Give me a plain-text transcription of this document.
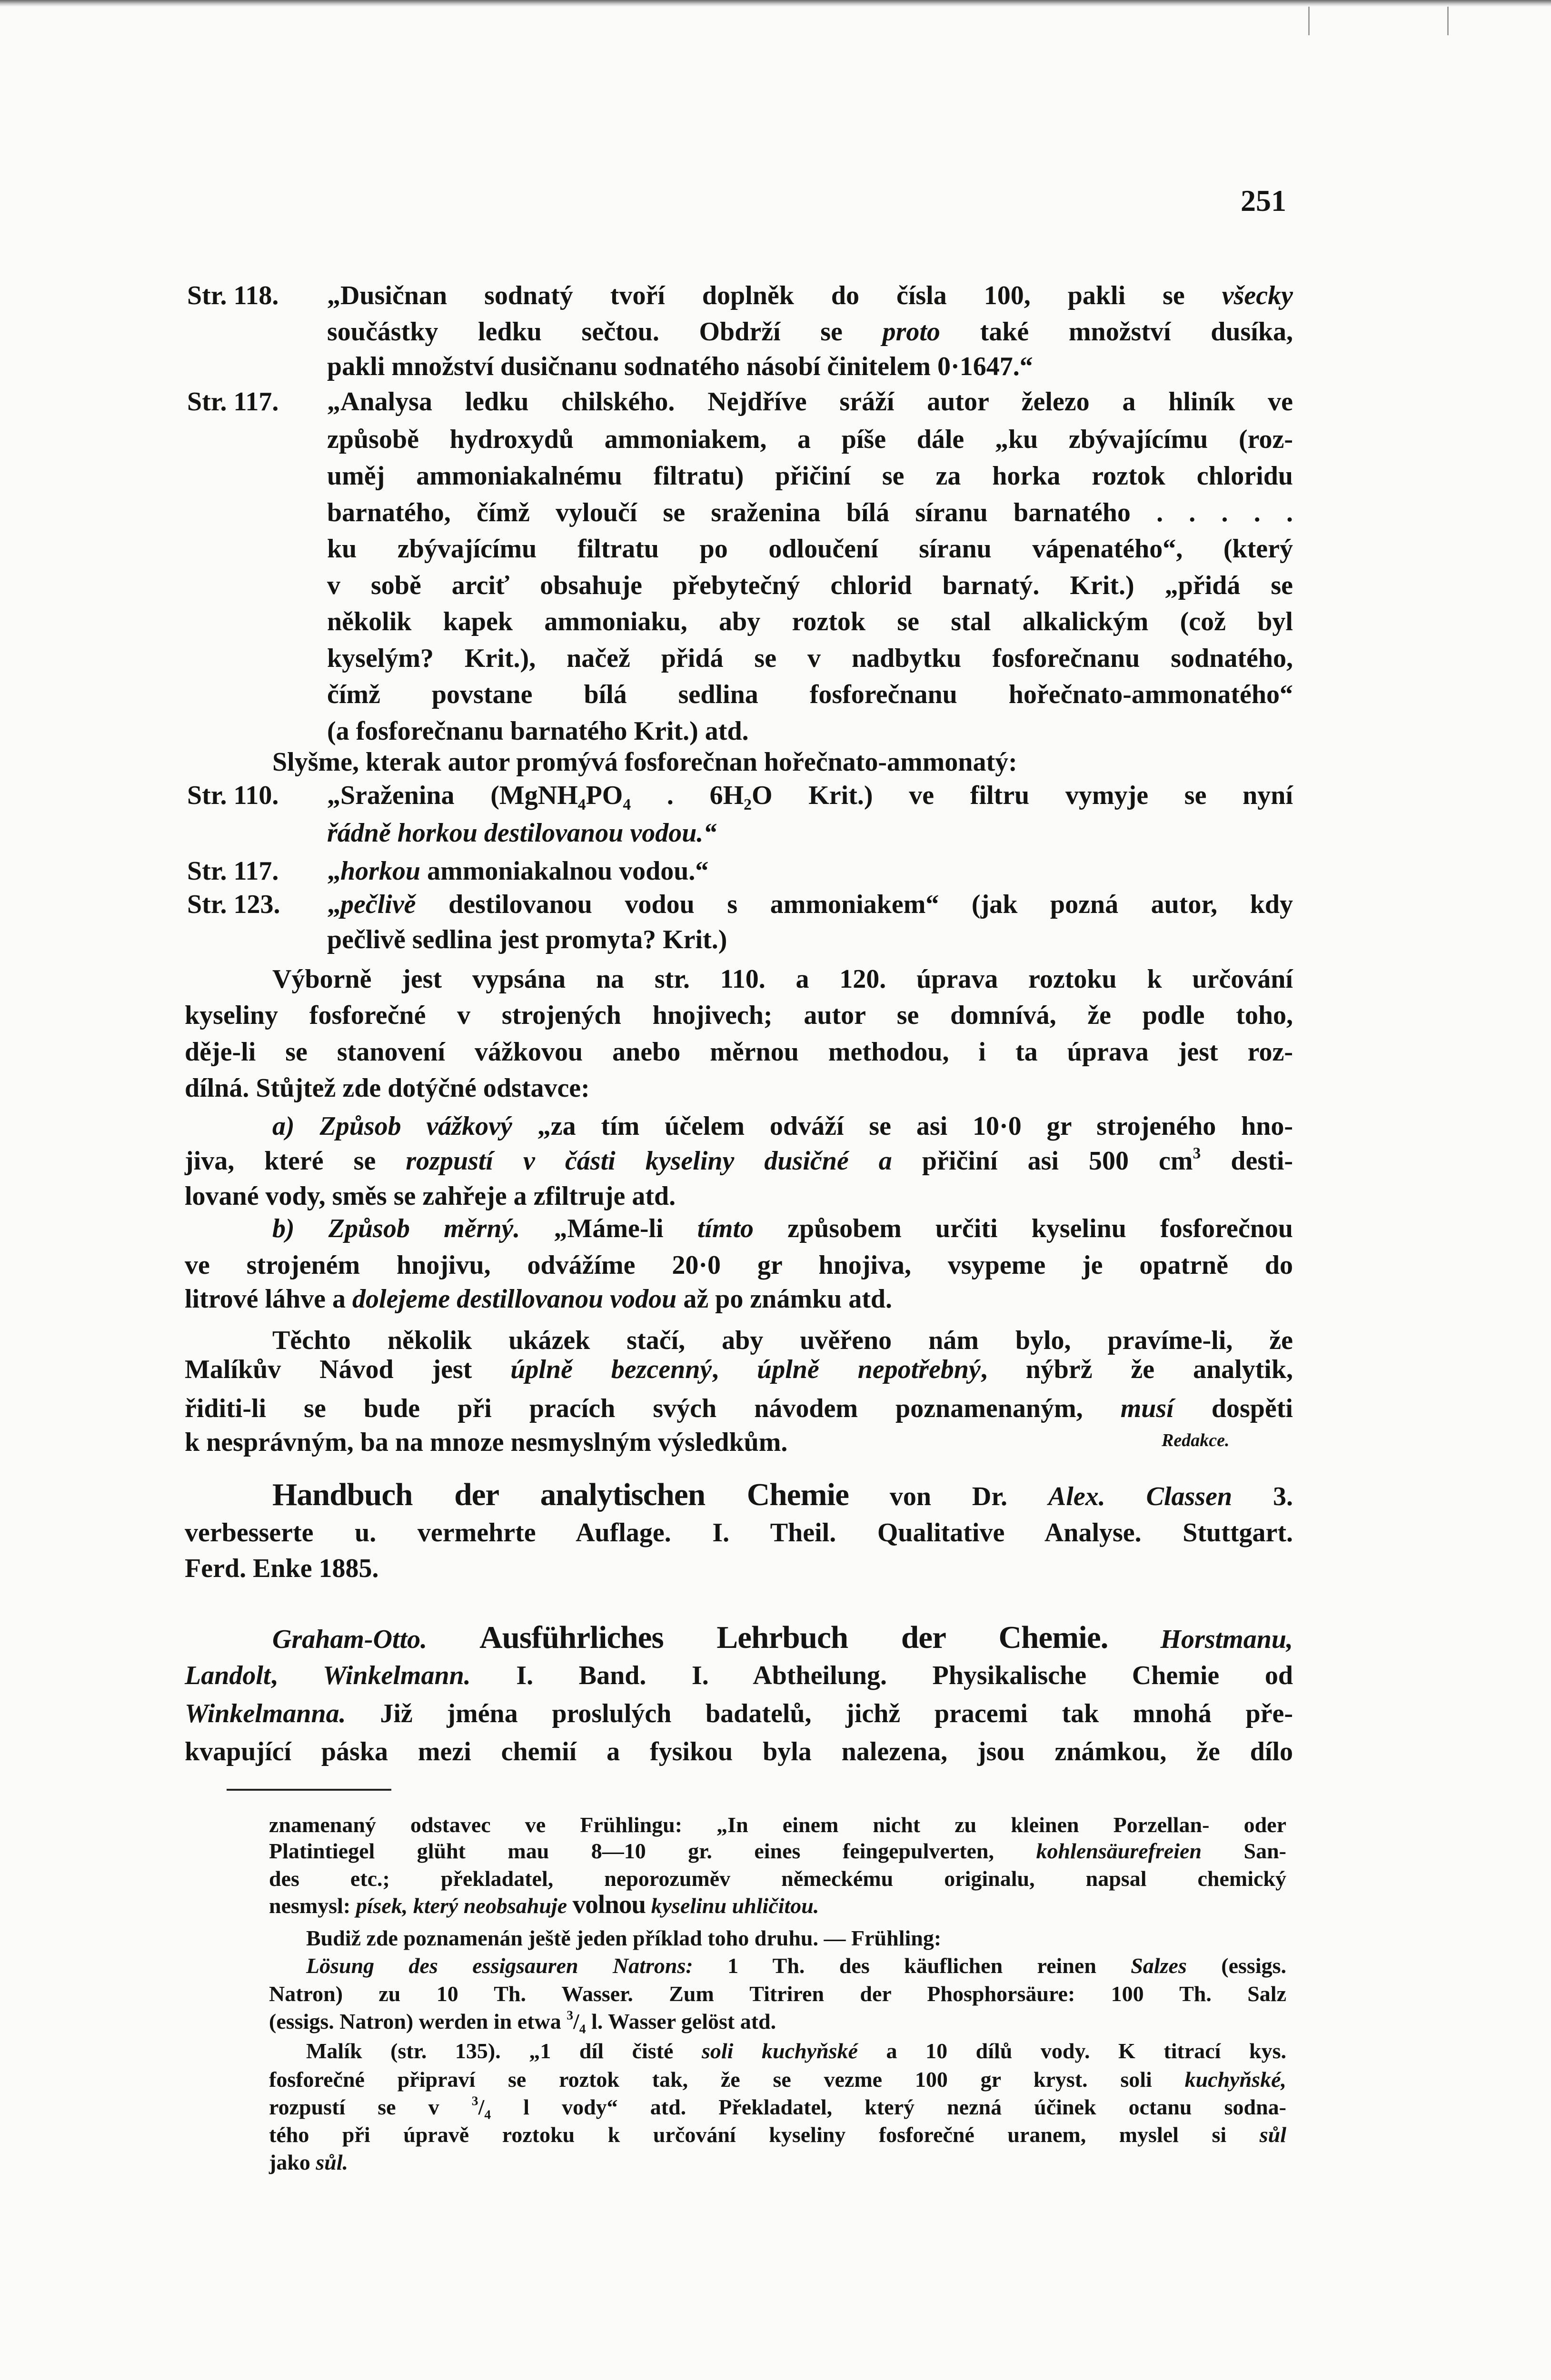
251
„Dusičnan sodnatý tvoří doplněk do čísla 100, pakli se všecky
Str. 118.
součástky ledku sečtou. Obdrží se proto také množství dusíka,
pakli množství dusičnanu sodnatého násobí činitelem 0·1647.“
„Analysa ledku chilského. Nejdříve sráží autor železo a hliník ve
Str. 117.
způsobě hydroxydů ammoniakem, a píše dále „ku zbývajícímu (roz-
uměj ammoniakalnému filtratu) přičiní se za horka roztok chloridu
barnatého, čímž vyloučí se sraženina bílá síranu barnatého . . . . .
ku zbývajícímu filtratu po odloučení síranu vápenatého“, (který
v sobě arciť obsahuje přebytečný chlorid barnatý. Krit.) „přidá se
několik kapek ammoniaku, aby roztok se stal alkalickým (což byl
kyselým? Krit.), načež přidá se v nadbytku fosforečnanu sodnatého,
čímž povstane bílá sedlina fosforečnanu hořečnato-ammonatého“
(a fosforečnanu barnatého Krit.) atd.
Slyšme, kterak autor promývá fosforečnan hořečnato-ammonatý:
„Sraženina ($MgNH_4PO_4$ . $6H_2O$ Krit.) ve filtru vymyje se nyní
Str. 110.
řádně horkou destilovanou vodou.“
„horkou ammoniakalnou vodou.“
Str. 117.
„pečlivě destilovanou vodou s ammoniakem“ (jak pozná autor, kdy
Str. 123.
pečlivě sedlina jest promyta? Krit.)
Výborně jest vypsána na str. 110. a 120. úprava roztoku k určování
kyseliny fosforečné v strojených hnojivech; autor se domnívá, že podle toho,
děje-li se stanovení vážkovou anebo měrnou methodou, i ta úprava jest roz-
dílná. Stůjtež zde dotýčné odstavce:
a) Způsob vážkový „za tím účelem odváží se asi 10·0 gr strojeného hno-
jiva, které se rozpustí v části kyseliny dusičné a přičiní asi 500 $cm^3$ desti-
lované vody, směs se zahřeje a zfiltruje atd.
b) Způsob měrný. „Máme-li tímto způsobem určiti kyselinu fosforečnou
ve strojeném hnojivu, odvážíme 20·0 gr hnojiva, vsypeme je opatrně do
litrové láhve a dolejeme destillovanou vodou až po známku atd.
Těchto několik ukázek stačí, aby uvěřeno nám bylo, pravíme-li, že
Malíkův Návod jest úplně bezcenný, úplně nepotřebný, nýbrž že analytik,
řiditi-li se bude při pracích svých návodem poznamenaným, musí dospěti
k nesprávným, ba na mnoze nesmyslným výsledkům.
Handbuch der analytischen Chemie von Dr. Alex. Classen 3.
verbesserte u. vermehrte Auflage. I. Theil. Qualitative Analyse. Stuttgart.
Ferd. Enke 1885.
Graham-Otto. Ausführliches Lehrbuch der Chemie. Horstmanu,
Landolt, Winkelmann. I. Band. I. Abtheilung. Physikalische Chemie od
Winkelmanna. Již jména proslulých badatelů, jichž pracemi tak mnohá pře-
kvapující páska mezi chemií a fysikou byla nalezena, jsou známkou, že dílo
Redakce.
znamenaný odstavec ve Frühlingu: „In einem nicht zu kleinen Porzellan- oder
Platintiegel glüht mau 8—10 gr. eines feingepulverten, kohlensäurefreien San-
des etc.; překladatel, neporozuměv německému originalu, napsal chemický
nesmysl: písek, který neobsahuje volnou kyselinu uhličitou.
Budiž zde poznamenán ještě jeden příklad toho druhu. — Frühling:
Lösung des essigsauren Natrons: 1 Th. des käuflichen reinen Salzes (essigs.
Natron) zu 10 Th. Wasser. Zum Titriren der Phosphorsäure: 100 Th. Salz
(essigs. Natron) werden in etwa $^3/_4$ l. Wasser gelöst atd.
Malík (str. 135). „1 díl čisté soli kuchyňské a 10 dílů vody. K titrací kys.
fosforečné připraví se roztok tak, že se vezme 100 gr kryst. soli kuchyňské,
rozpustí se v $^3/_4$ l vody“ atd. Překladatel, který nezná účinek octanu sodna-
tého při úpravě roztoku k určování kyseliny fosforečné uranem, myslel si sůl
jako sůl.
